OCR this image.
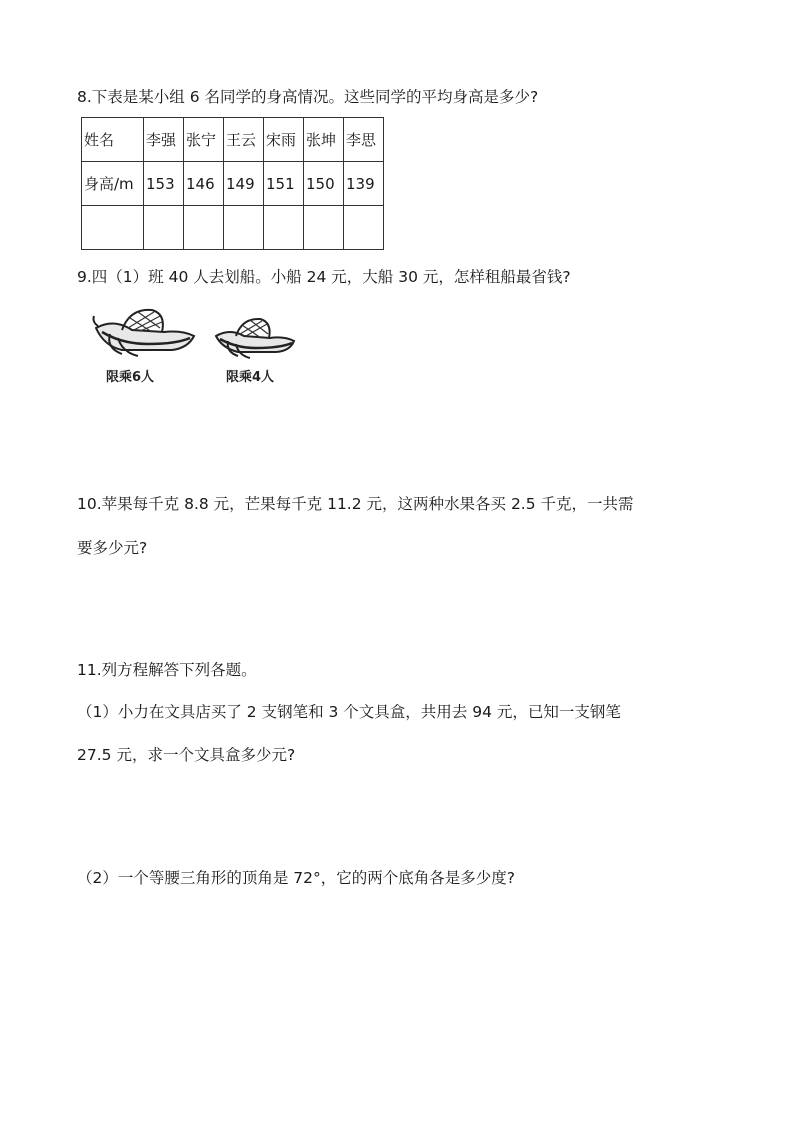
8.下表是某小组 6 名同学的身高情况。这些同学的平均身高是多少?
姓名	李强	张宁	王云	宋雨	张坤	李思
身高/m	153	146	149	151	150	139

9.四（1）班 40 人去划船。小船 24 元，大船 30 元，怎样租船最省钱?
限乘6人	限乘4人
10.苹果每千克 8.8 元，芒果每千克 11.2 元，这两种水果各买 2.5 千克，一共需
要多少元?
11.列方程解答下列各题。
（1）小力在文具店买了 2 支钢笔和 3 个文具盒，共用去 94 元，已知一支钢笔
27.5 元，求一个文具盒多少元?
（2）一个等腰三角形的顶角是 72°，它的两个底角各是多少度?
